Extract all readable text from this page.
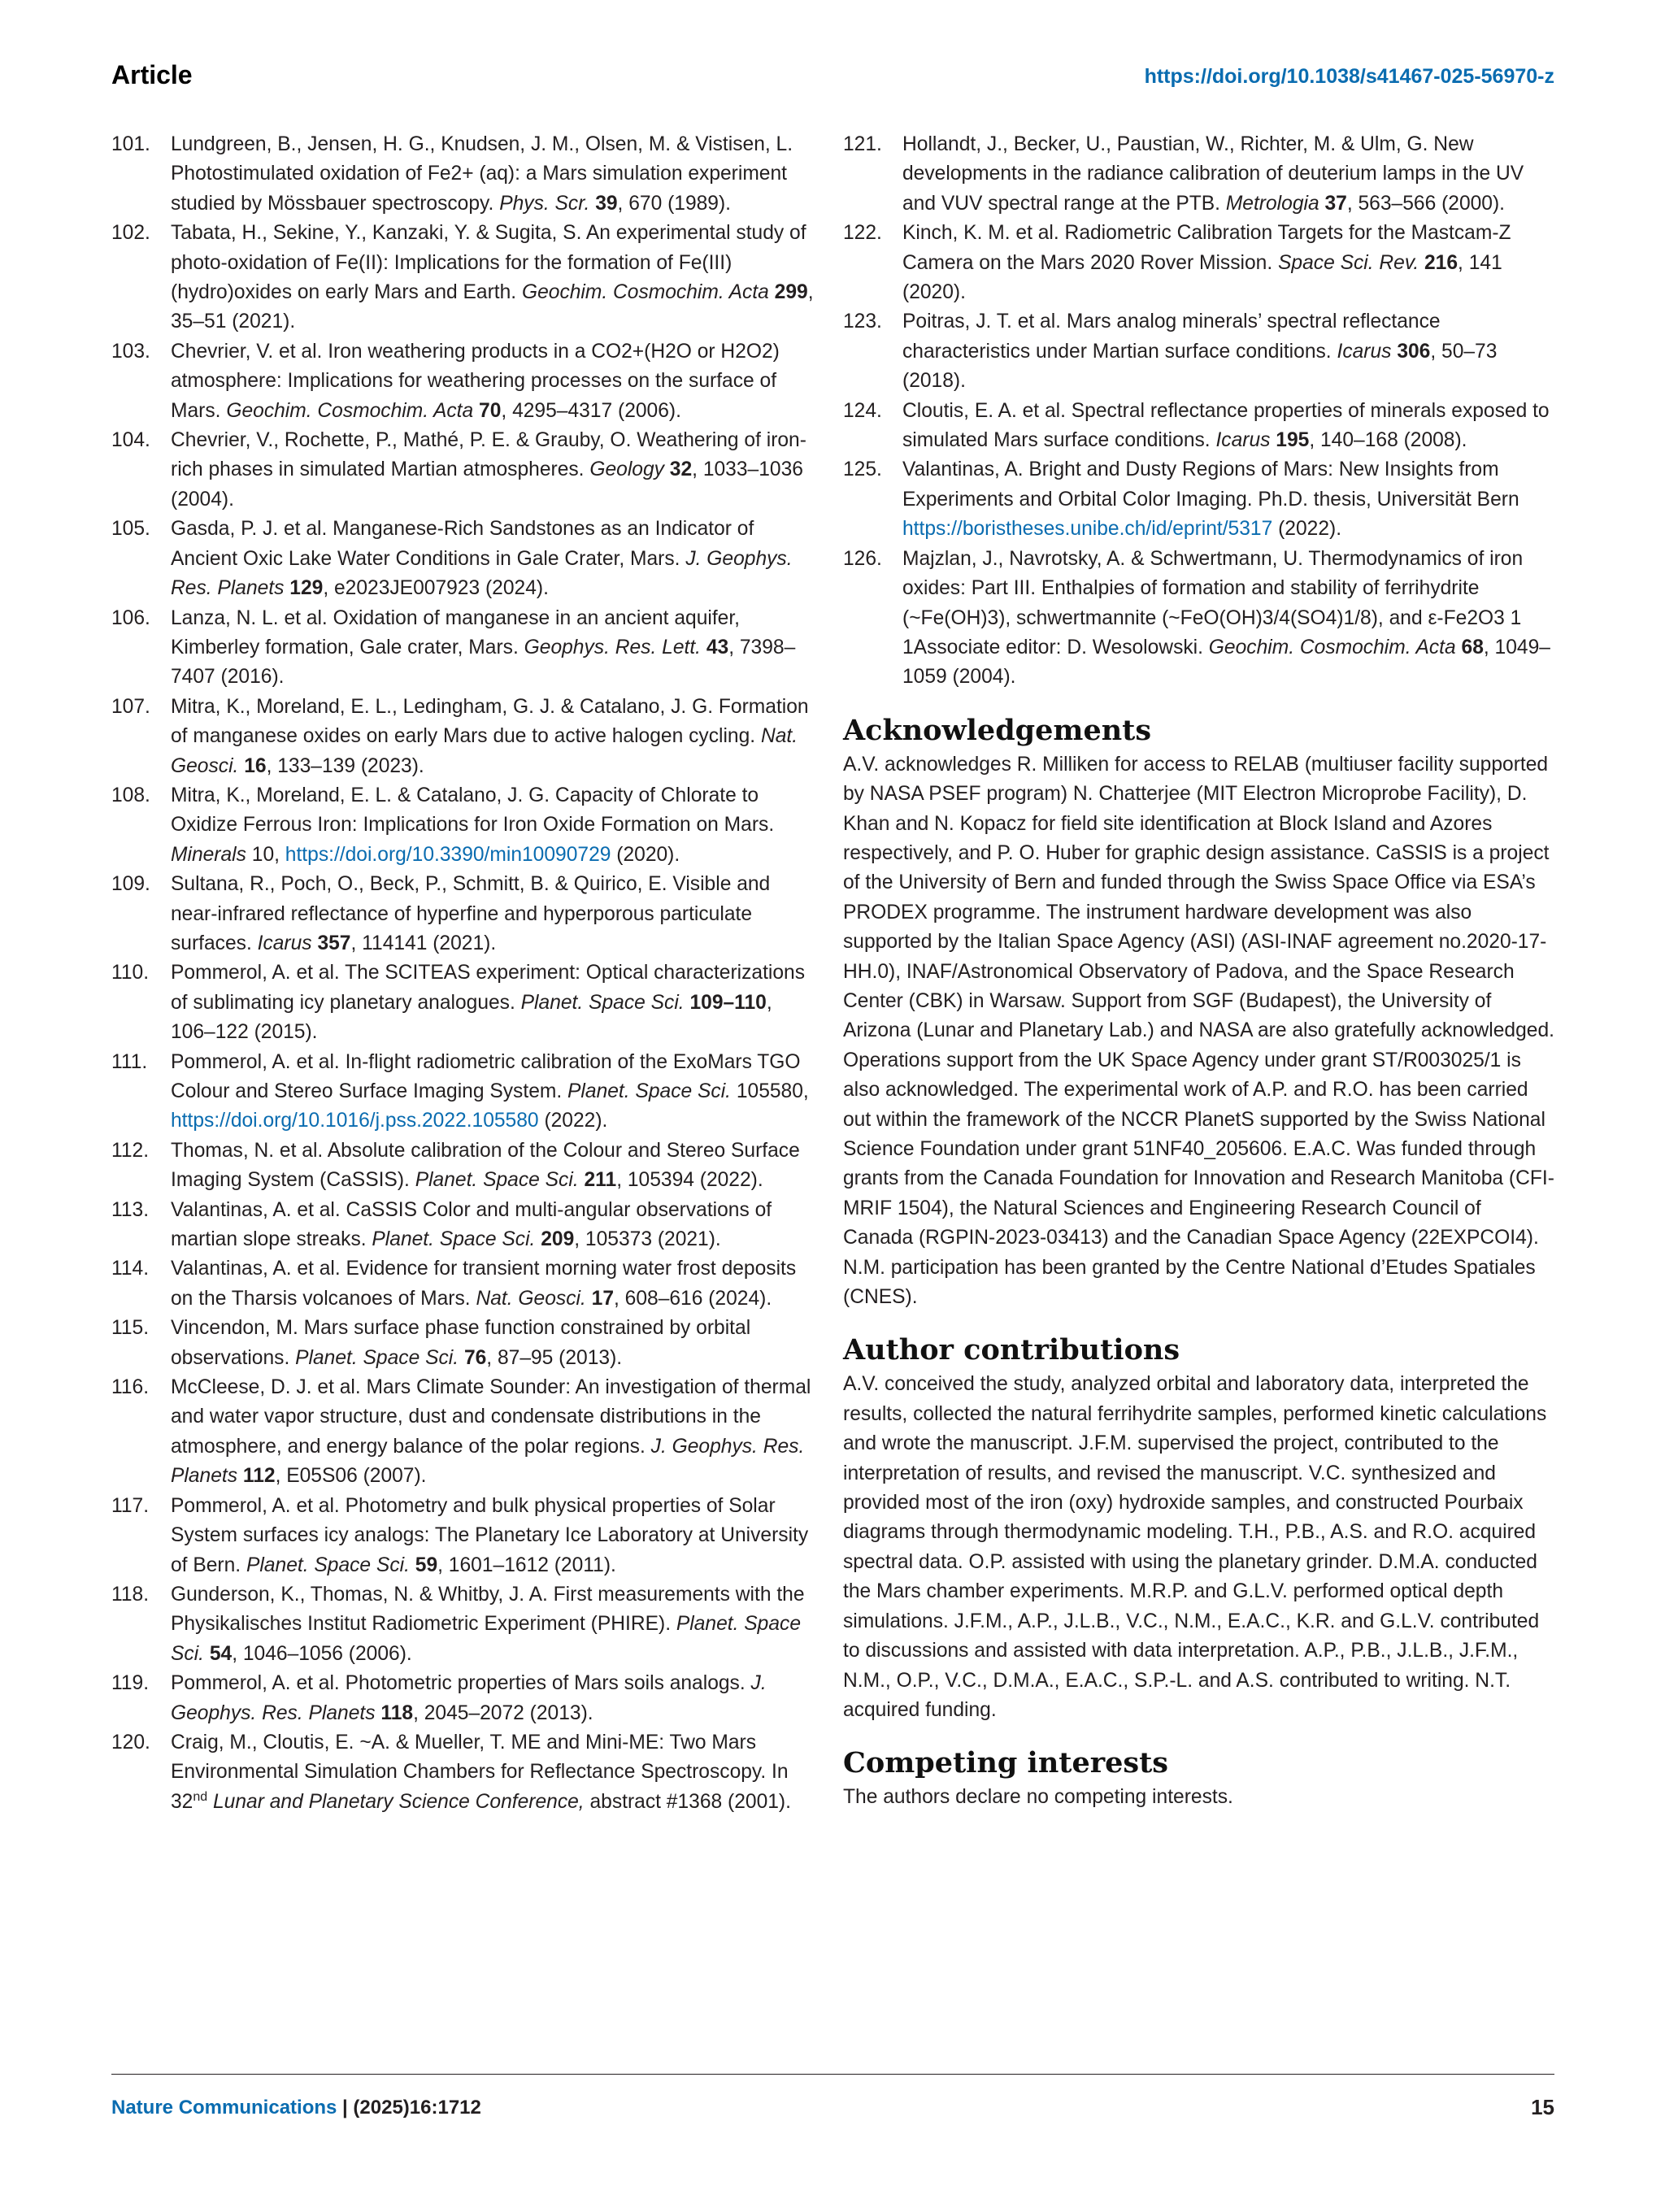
Article	https://doi.org/10.1038/s41467-025-56970-z
101. Lundgreen, B., Jensen, H. G., Knudsen, J. M., Olsen, M. & Vistisen, L. Photostimulated oxidation of Fe2+ (aq): a Mars simulation experiment studied by Mössbauer spectroscopy. Phys. Scr. 39, 670 (1989).
102. Tabata, H., Sekine, Y., Kanzaki, Y. & Sugita, S. An experimental study of photo-oxidation of Fe(II): Implications for the formation of Fe(III) (hydro)oxides on early Mars and Earth. Geochim. Cosmochim. Acta 299, 35–51 (2021).
103. Chevrier, V. et al. Iron weathering products in a CO2+(H2O or H2O2) atmosphere: Implications for weathering processes on the surface of Mars. Geochim. Cosmochim. Acta 70, 4295–4317 (2006).
104. Chevrier, V., Rochette, P., Mathé, P. E. & Grauby, O. Weathering of iron-rich phases in simulated Martian atmospheres. Geology 32, 1033–1036 (2004).
105. Gasda, P. J. et al. Manganese-Rich Sandstones as an Indicator of Ancient Oxic Lake Water Conditions in Gale Crater, Mars. J. Geophys. Res. Planets 129, e2023JE007923 (2024).
106. Lanza, N. L. et al. Oxidation of manganese in an ancient aquifer, Kimberley formation, Gale crater, Mars. Geophys. Res. Lett. 43, 7398–7407 (2016).
107. Mitra, K., Moreland, E. L., Ledingham, G. J. & Catalano, J. G. Formation of manganese oxides on early Mars due to active halogen cycling. Nat. Geosci. 16, 133–139 (2023).
108. Mitra, K., Moreland, E. L. & Catalano, J. G. Capacity of Chlorate to Oxidize Ferrous Iron: Implications for Iron Oxide Formation on Mars. Minerals 10, https://doi.org/10.3390/min10090729 (2020).
109. Sultana, R., Poch, O., Beck, P., Schmitt, B. & Quirico, E. Visible and near-infrared reflectance of hyperfine and hyperporous particulate surfaces. Icarus 357, 114141 (2021).
110. Pommerol, A. et al. The SCITEAS experiment: Optical characterizations of sublimating icy planetary analogues. Planet. Space Sci. 109–110, 106–122 (2015).
111. Pommerol, A. et al. In-flight radiometric calibration of the ExoMars TGO Colour and Stereo Surface Imaging System. Planet. Space Sci. 105580, https://doi.org/10.1016/j.pss.2022.105580 (2022).
112. Thomas, N. et al. Absolute calibration of the Colour and Stereo Surface Imaging System (CaSSIS). Planet. Space Sci. 211, 105394 (2022).
113. Valantinas, A. et al. CaSSIS Color and multi-angular observations of martian slope streaks. Planet. Space Sci. 209, 105373 (2021).
114. Valantinas, A. et al. Evidence for transient morning water frost deposits on the Tharsis volcanoes of Mars. Nat. Geosci. 17, 608–616 (2024).
115. Vincendon, M. Mars surface phase function constrained by orbital observations. Planet. Space Sci. 76, 87–95 (2013).
116. McCleese, D. J. et al. Mars Climate Sounder: An investigation of thermal and water vapor structure, dust and condensate distributions in the atmosphere, and energy balance of the polar regions. J. Geophys. Res. Planets 112, E05S06 (2007).
117. Pommerol, A. et al. Photometry and bulk physical properties of Solar System surfaces icy analogs: The Planetary Ice Laboratory at University of Bern. Planet. Space Sci. 59, 1601–1612 (2011).
118. Gunderson, K., Thomas, N. & Whitby, J. A. First measurements with the Physikalisches Institut Radiometric Experiment (PHIRE). Planet. Space Sci. 54, 1046–1056 (2006).
119. Pommerol, A. et al. Photometric properties of Mars soils analogs. J. Geophys. Res. Planets 118, 2045–2072 (2013).
120. Craig, M., Cloutis, E. ~A. & Mueller, T. ME and Mini-ME: Two Mars Environmental Simulation Chambers for Reflectance Spectroscopy. In 32nd Lunar and Planetary Science Conference, abstract #1368 (2001).
121. Hollandt, J., Becker, U., Paustian, W., Richter, M. & Ulm, G. New developments in the radiance calibration of deuterium lamps in the UV and VUV spectral range at the PTB. Metrologia 37, 563–566 (2000).
122. Kinch, K. M. et al. Radiometric Calibration Targets for the Mastcam-Z Camera on the Mars 2020 Rover Mission. Space Sci. Rev. 216, 141 (2020).
123. Poitras, J. T. et al. Mars analog minerals’ spectral reflectance characteristics under Martian surface conditions. Icarus 306, 50–73 (2018).
124. Cloutis, E. A. et al. Spectral reflectance properties of minerals exposed to simulated Mars surface conditions. Icarus 195, 140–168 (2008).
125. Valantinas, A. Bright and Dusty Regions of Mars: New Insights from Experiments and Orbital Color Imaging. Ph.D. thesis, Universität Bern https://boristheses.unibe.ch/id/eprint/5317 (2022).
126. Majzlan, J., Navrotsky, A. & Schwertmann, U. Thermodynamics of iron oxides: Part III. Enthalpies of formation and stability of ferrihydrite (~Fe(OH)3), schwertmannite (~FeO(OH)3/4(SO4)1/8), and ε-Fe2O3 1 1Associate editor: D. Wesolowski. Geochim. Cosmochim. Acta 68, 1049–1059 (2004).
Acknowledgements
A.V. acknowledges R. Milliken for access to RELAB (multiuser facility supported by NASA PSEF program) N. Chatterjee (MIT Electron Microprobe Facility), D. Khan and N. Kopacz for field site identification at Block Island and Azores respectively, and P. O. Huber for graphic design assistance. CaSSIS is a project of the University of Bern and funded through the Swiss Space Office via ESA’s PRODEX programme. The instrument hardware development was also supported by the Italian Space Agency (ASI) (ASI-INAF agreement no.2020-17-HH.0), INAF/Astronomical Observatory of Padova, and the Space Research Center (CBK) in Warsaw. Support from SGF (Budapest), the University of Arizona (Lunar and Planetary Lab.) and NASA are also gratefully acknowledged. Operations support from the UK Space Agency under grant ST/R003025/1 is also acknowledged. The experimental work of A.P. and R.O. has been carried out within the framework of the NCCR PlanetS supported by the Swiss National Science Foundation under grant 51NF40_205606. E.A.C. Was funded through grants from the Canada Foundation for Innovation and Research Manitoba (CFI-MRIF 1504), the Natural Sciences and Engineering Research Council of Canada (RGPIN-2023-03413) and the Canadian Space Agency (22EXPCOI4). N.M. participation has been granted by the Centre National d’Etudes Spatiales (CNES).
Author contributions
A.V. conceived the study, analyzed orbital and laboratory data, interpreted the results, collected the natural ferrihydrite samples, performed kinetic calculations and wrote the manuscript. J.F.M. supervised the project, contributed to the interpretation of results, and revised the manuscript. V.C. synthesized and provided most of the iron (oxy) hydroxide samples, and constructed Pourbaix diagrams through thermodynamic modeling. T.H., P.B., A.S. and R.O. acquired spectral data. O.P. assisted with using the planetary grinder. D.M.A. conducted the Mars chamber experiments. M.R.P. and G.L.V. performed optical depth simulations. J.F.M., A.P., J.L.B., V.C., N.M., E.A.C., K.R. and G.L.V. contributed to discussions and assisted with data interpretation. A.P., P.B., J.L.B., J.F.M., N.M., O.P., V.C., D.M.A., E.A.C., S.P.-L. and A.S. contributed to writing. N.T. acquired funding.
Competing interests
The authors declare no competing interests.
Nature Communications | (2025)16:1712	15
